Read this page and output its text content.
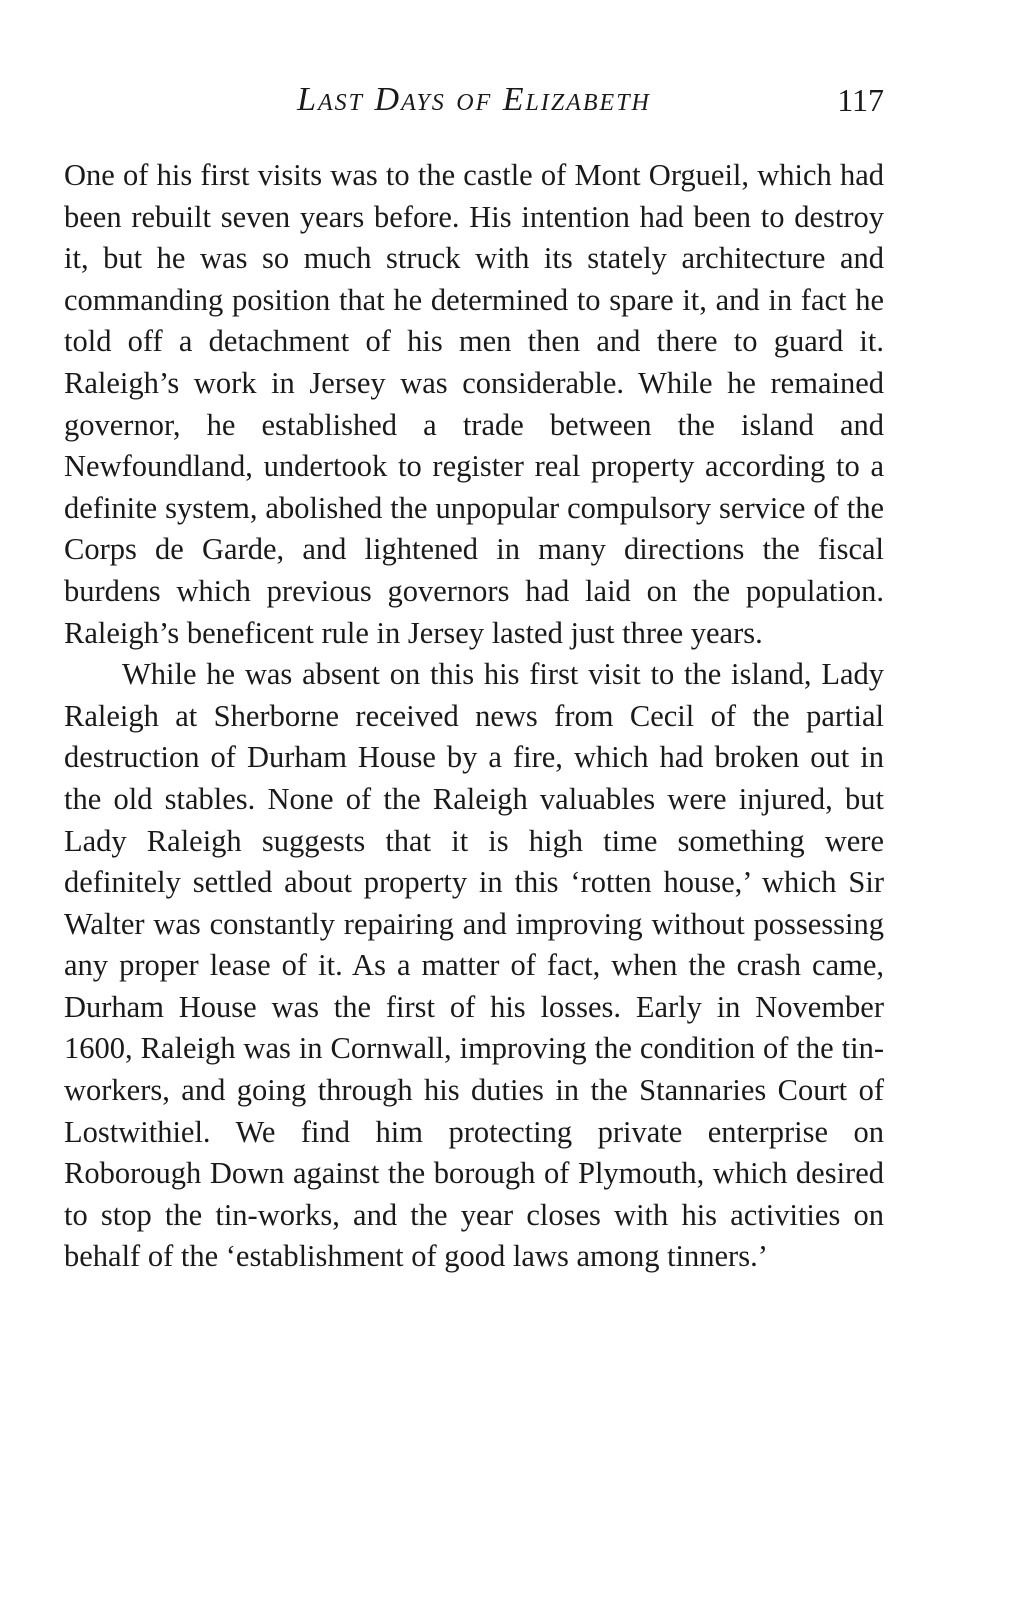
Last Days of Elizabeth	117

One of his first visits was to the castle of Mont Orgueil, which had been rebuilt seven years before. His intention had been to destroy it, but he was so much struck with its stately architecture and commanding position that he determined to spare it, and in fact he told off a detachment of his men then and there to guard it. Raleigh’s work in Jersey was considerable. While he remained governor, he established a trade between the island and Newfoundland, undertook to register real property according to a definite system, abolished the unpopular compulsory service of the Corps de Garde, and lightened in many directions the fiscal burdens which previous governors had laid on the population. Raleigh’s beneficent rule in Jersey lasted just three years.

While he was absent on this his first visit to the island, Lady Raleigh at Sherborne received news from Cecil of the partial destruction of Durham House by a fire, which had broken out in the old stables. None of the Raleigh valuables were injured, but Lady Raleigh suggests that it is high time something were definitely settled about property in this ‘rotten house,’ which Sir Walter was constantly repairing and improving without possessing any proper lease of it. As a matter of fact, when the crash came, Durham House was the first of his losses. Early in November 1600, Raleigh was in Cornwall, improving the condition of the tin-workers, and going through his duties in the Stannaries Court of Lostwithiel. We find him protecting private enterprise on Roborough Down against the borough of Plymouth, which desired to stop the tin-works, and the year closes with his activities on behalf of the ‘establishment of good laws among tinners.’
